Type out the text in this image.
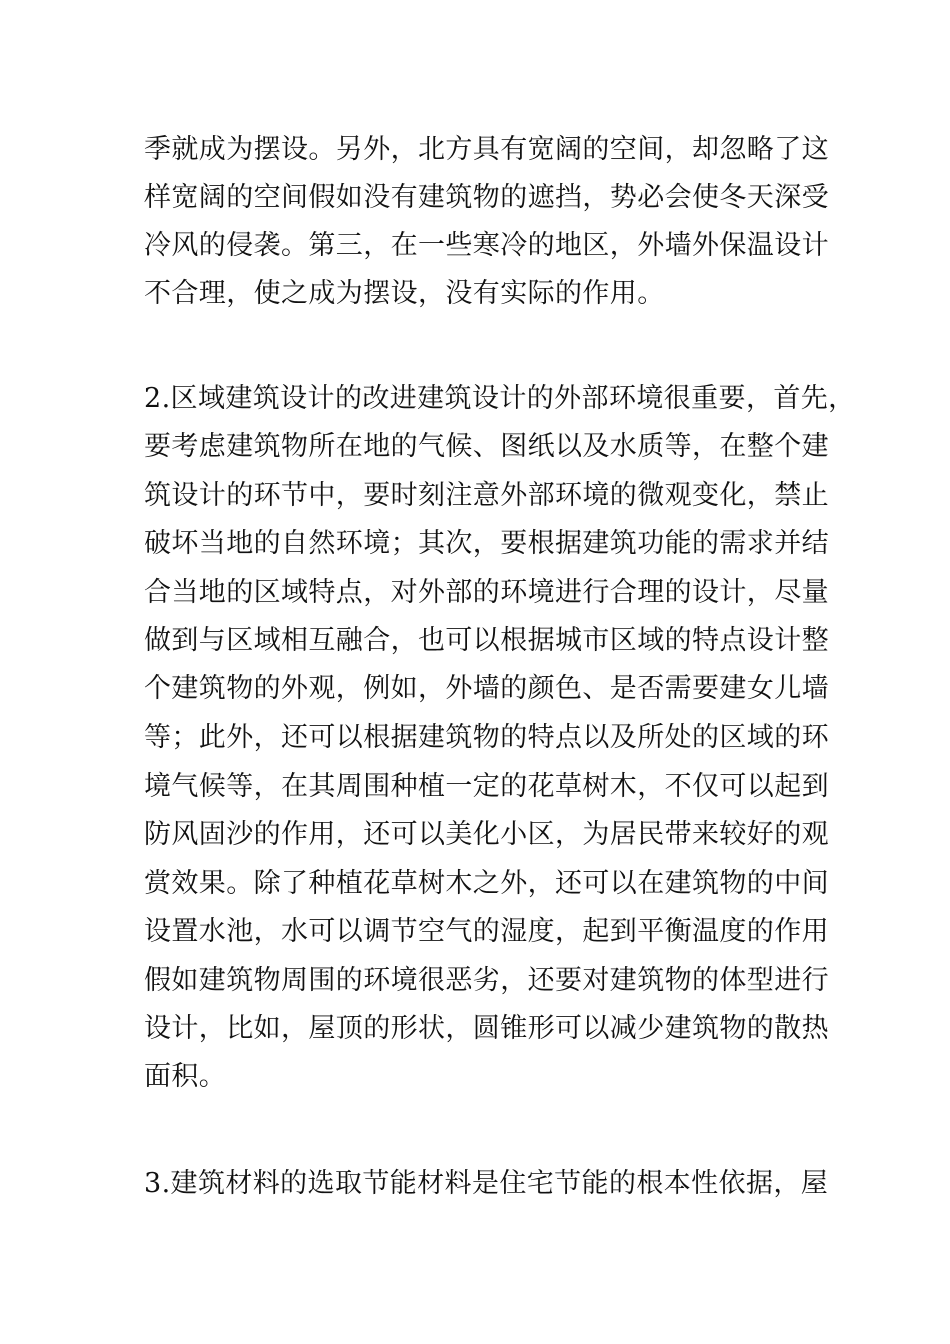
季就成为摆设。另外，北方具有宽阔的空间，却忽略了这
样宽阔的空间假如没有建筑物的遮挡，势必会使冬天深受
冷风的侵袭。第三，在一些寒冷的地区，外墙外保温设计
不合理，使之成为摆设，没有实际的作用。
2.区域建筑设计的改进建筑设计的外部环境很重要，首先，
要考虑建筑物所在地的气候、图纸以及水质等，在整个建
筑设计的环节中，要时刻注意外部环境的微观变化，禁止
破坏当地的自然环境；其次，要根据建筑功能的需求并结
合当地的区域特点，对外部的环境进行合理的设计，尽量
做到与区域相互融合，也可以根据城市区域的特点设计整
个建筑物的外观，例如，外墙的颜色、是否需要建女儿墙
等；此外，还可以根据建筑物的特点以及所处的区域的环
境气候等，在其周围种植一定的花草树木，不仅可以起到
防风固沙的作用，还可以美化小区，为居民带来较好的观
赏效果。除了种植花草树木之外，还可以在建筑物的中间
设置水池，水可以调节空气的湿度，起到平衡温度的作用
假如建筑物周围的环境很恶劣，还要对建筑物的体型进行
设计，比如，屋顶的形状，圆锥形可以减少建筑物的散热
面积。
3.建筑材料的选取节能材料是住宅节能的根本性依据，屋
